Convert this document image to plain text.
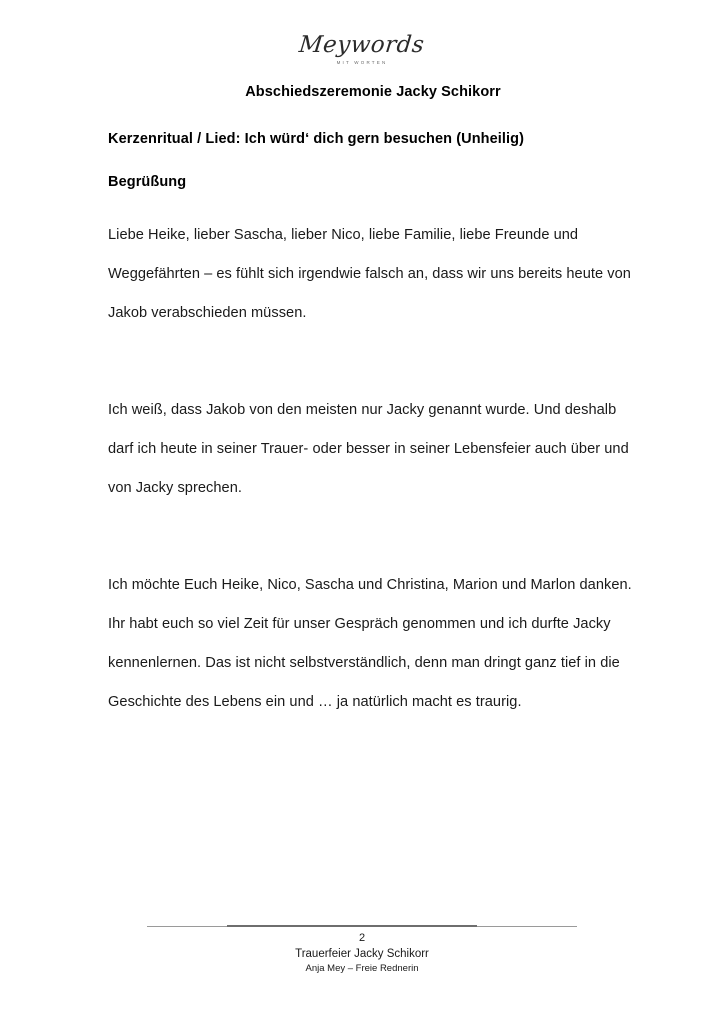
Meywords
MIT WORTEN

Abschiedszeremonie Jacky Schikorr

Kerzenritual / Lied: Ich würd‘ dich gern besuchen (Unheilig)

Begrüßung

Liebe Heike, lieber Sascha, lieber Nico, liebe Familie, liebe Freunde und Weggefährten – es fühlt sich irgendwie falsch an, dass wir uns bereits heute von Jakob verabschieden müssen.

Ich weiß, dass Jakob von den meisten nur Jacky genannt wurde. Und deshalb darf ich heute in seiner Trauer- oder besser in seiner Lebensfeier auch über und von Jacky sprechen.

Ich möchte Euch Heike, Nico, Sascha und Christina, Marion und Marlon danken. Ihr habt euch so viel Zeit für unser Gespräch genommen und ich durfte Jacky kennenlernen. Das ist nicht selbstverständlich, denn man dringt ganz tief in die Geschichte des Lebens ein und … ja natürlich macht es traurig.

2

Trauerfeier Jacky Schikorr

Anja Mey – Freie Rednerin
